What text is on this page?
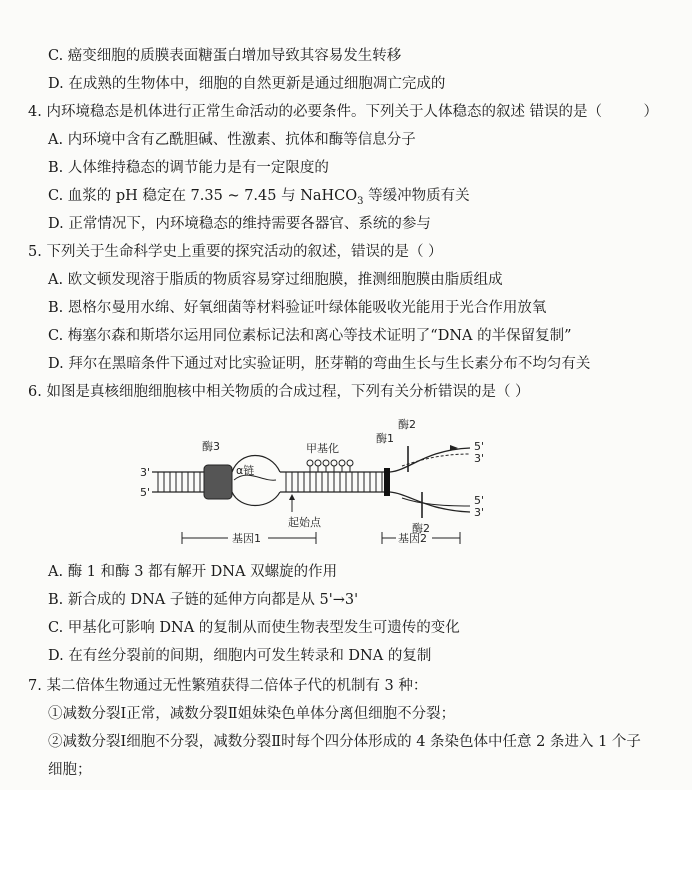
C. 癌变细胞的质膜表面糖蛋白增加导致其容易发生转移
D. 在成熟的生物体中，细胞的自然更新是通过细胞凋亡完成的
4. 内环境稳态是机体进行正常生命活动的必要条件。下列关于人体稳态的叙述 错误的是（	）
A. 内环境中含有乙酰胆碱、性激素、抗体和酶等信息分子
B. 人体维持稳态的调节能力是有一定限度的
C. 血浆的 pH 稳定在 7.35 ~ 7.45 与 NaHCO$_3$ 等缓冲物质有关
D. 正常情况下，内环境稳态的维持需要各器官、系统的参与
5. 下列关于生命科学史上重要的探究活动的叙述，错误的是（ ）
A. 欧文顿发现溶于脂质的物质容易穿过细胞膜，推测细胞膜由脂质组成
B. 恩格尔曼用水绵、好氧细菌等材料验证叶绿体能吸收光能用于光合作用放氧
C. 梅塞尔森和斯塔尔运用同位素标记法和离心等技术证明了“DNA 的半保留复制”
D. 拜尔在黑暗条件下通过对比实验证明，胚芽鞘的弯曲生长与生长素分布不均匀有关
6. 如图是真核细胞细胞核中相关物质的合成过程，下列有关分析错误的是（ ）
酶3
α链
甲基化
起始点
酶1
酶2
酶2
3'
5'
5'
3'
5'
3'
基因1	基因2
A. 酶 1 和酶 3 都有解开 DNA 双螺旋的作用
B. 新合成的 DNA 子链的延伸方向都是从 5'→3'
C. 甲基化可影响 DNA 的复制从而使生物表型发生可遗传的变化
D. 在有丝分裂前的间期，细胞内可发生转录和 DNA 的复制
7. 某二倍体生物通过无性繁殖获得二倍体子代的机制有 3 种：
①减数分裂Ⅰ正常，减数分裂Ⅱ姐妹染色单体分离但细胞不分裂；
②减数分裂Ⅰ细胞不分裂，减数分裂Ⅱ时每个四分体形成的 4 条染色体中任意 2 条进入 1 个子
细胞；
